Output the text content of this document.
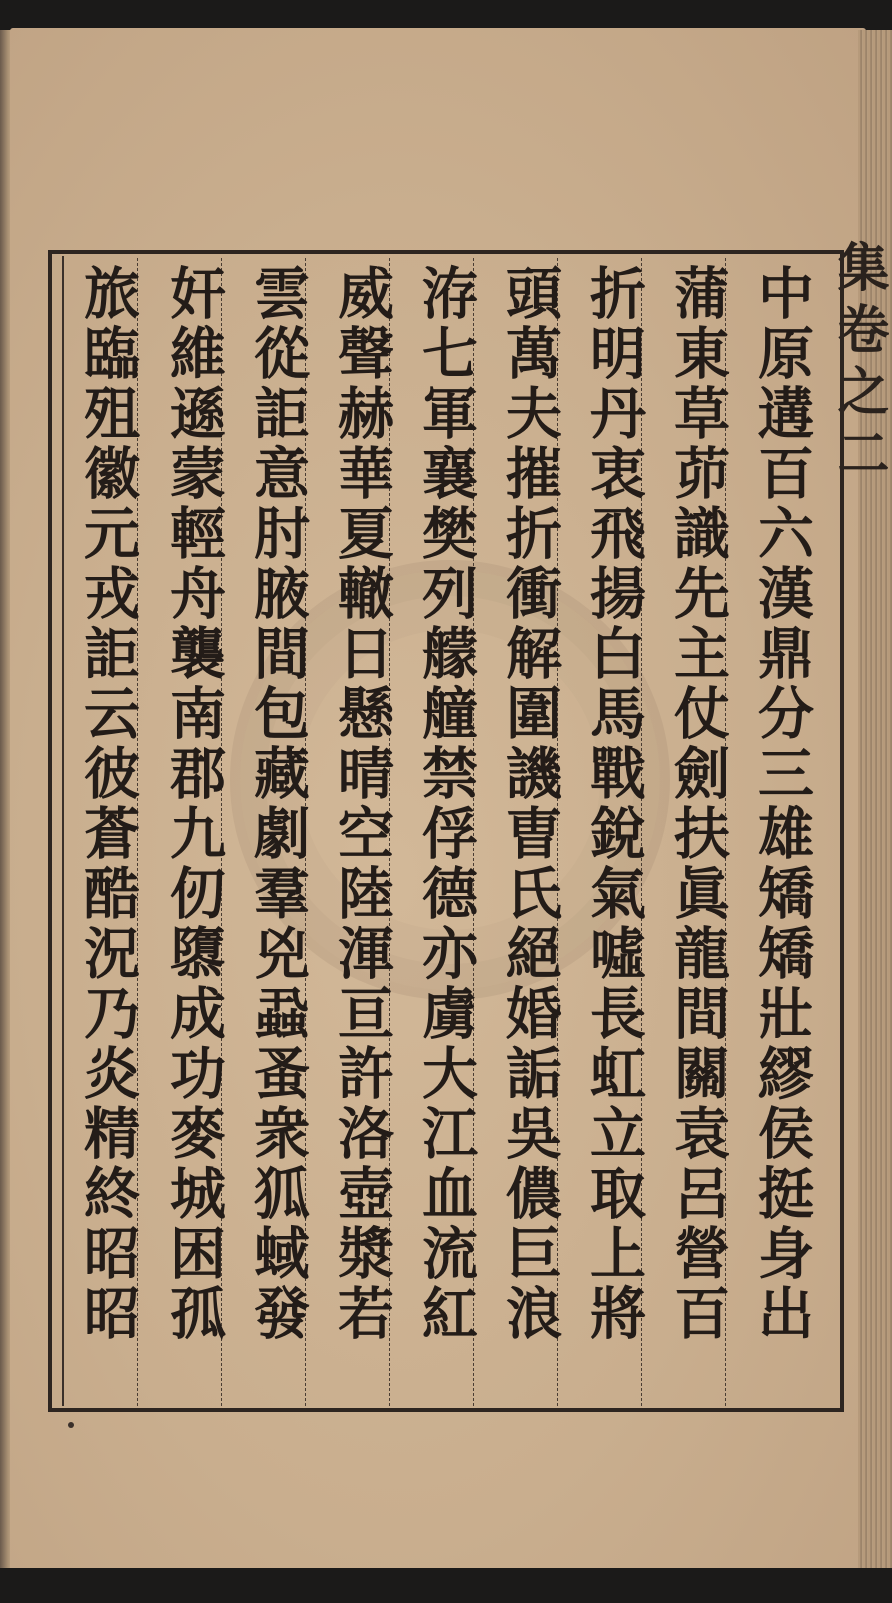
集卷之二
中原遘百六漢鼎分三雄矯矯壯繆侯挺身出
蒲東草茆識先主仗劍扶眞龍間關袁呂營百
折明丹衷飛揚白馬戰銳氣噓長虹立取上將
頭萬夫摧折衝解圍譏曺氏絕婚詬吳儂巨浪
洊七軍襄樊列艨艟禁俘德亦虜大江血流紅
威聲赫華夏轍日懸晴空陸渾亘許洛壺漿若
雲從詎意肘腋間包藏劇羣兇蝨蚤衆狐蜮發
奸維遜蒙輕舟襲南郡九仞隳成功麥城困孤
旅臨殂徽元戎詎云彼蒼酷況乃炎精終昭昭
